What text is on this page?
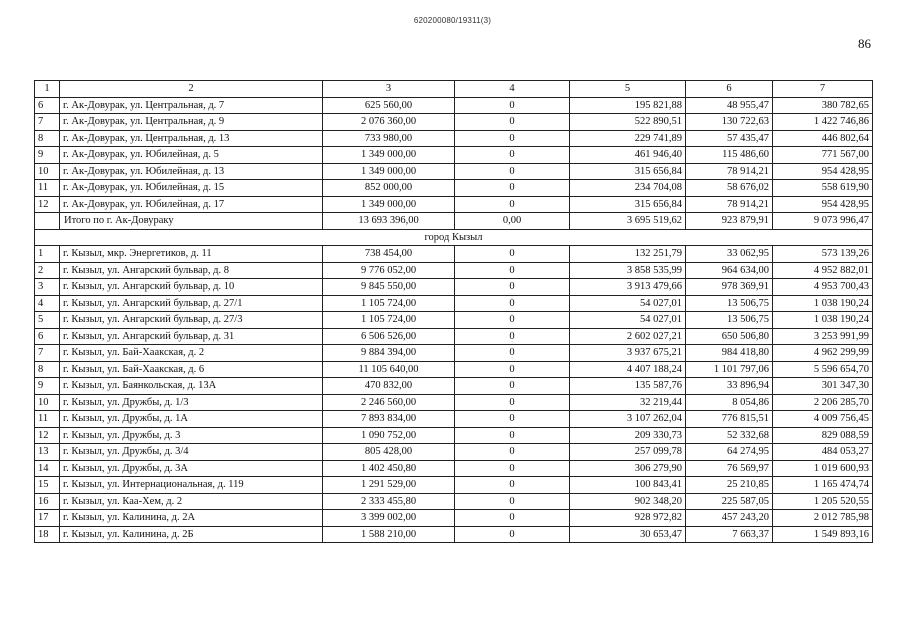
620200080/19311(3)
86
1	2	3	4	5	6	7
6	г. Ак-Довурак, ул. Центральная, д. 7	625 560,00	0	195 821,88	48 955,47	380 782,65
7	г. Ак-Довурак, ул. Центральная, д. 9	2 076 360,00	0	522 890,51	130 722,63	1 422 746,86
8	г. Ак-Довурак, ул. Центральная, д. 13	733 980,00	0	229 741,89	57 435,47	446 802,64
9	г. Ак-Довурак, ул. Юбилейная, д. 5	1 349 000,00	0	461 946,40	115 486,60	771 567,00
10	г. Ак-Довурак, ул. Юбилейная, д. 13	1 349 000,00	0	315 656,84	78 914,21	954 428,95
11	г. Ак-Довурак, ул. Юбилейная, д. 15	852 000,00	0	234 704,08	58 676,02	558 619,90
12	г. Ак-Довурак, ул. Юбилейная, д. 17	1 349 000,00	0	315 656,84	78 914,21	954 428,95
	Итого по г. Ак-Довураку	13 693 396,00	0,00	3 695 519,62	923 879,91	9 073 996,47
город Кызыл						
1	г. Кызыл, мкр. Энергетиков, д. 11	738 454,00	0	132 251,79	33 062,95	573 139,26
2	г. Кызыл, ул. Ангарский бульвар, д. 8	9 776 052,00	0	3 858 535,99	964 634,00	4 952 882,01
3	г. Кызыл, ул. Ангарский бульвар, д. 10	9 845 550,00	0	3 913 479,66	978 369,91	4 953 700,43
4	г. Кызыл, ул. Ангарский бульвар, д. 27/1	1 105 724,00	0	54 027,01	13 506,75	1 038 190,24
5	г. Кызыл, ул. Ангарский бульвар, д. 27/3	1 105 724,00	0	54 027,01	13 506,75	1 038 190,24
6	г. Кызыл, ул. Ангарский бульвар, д. 31	6 506 526,00	0	2 602 027,21	650 506,80	3 253 991,99
7	г. Кызыл, ул. Бай-Хаакская, д. 2	9 884 394,00	0	3 937 675,21	984 418,80	4 962 299,99
8	г. Кызыл, ул. Бай-Хаакская, д. 6	11 105 640,00	0	4 407 188,24	1 101 797,06	5 596 654,70
9	г. Кызыл, ул. Баянкольская, д. 13А	470 832,00	0	135 587,76	33 896,94	301 347,30
10	г. Кызыл, ул. Дружбы, д. 1/3	2 246 560,00	0	32 219,44	8 054,86	2 206 285,70
11	г. Кызыл, ул. Дружбы, д. 1А	7 893 834,00	0	3 107 262,04	776 815,51	4 009 756,45
12	г. Кызыл, ул. Дружбы, д. 3	1 090 752,00	0	209 330,73	52 332,68	829 088,59
13	г. Кызыл, ул. Дружбы, д. 3/4	805 428,00	0	257 099,78	64 274,95	484 053,27
14	г. Кызыл, ул. Дружбы, д. 3А	1 402 450,80	0	306 279,90	76 569,97	1 019 600,93
15	г. Кызыл, ул. Интернациональная, д. 119	1 291 529,00	0	100 843,41	25 210,85	1 165 474,74
16	г. Кызыл, ул. Каа-Хем, д. 2	2 333 455,80	0	902 348,20	225 587,05	1 205 520,55
17	г. Кызыл, ул. Калинина, д. 2А	3 399 002,00	0	928 972,82	457 243,20	2 012 785,98
18	г. Кызыл, ул. Калинина, д. 2Б	1 588 210,00	0	30 653,47	7 663,37	1 549 893,16
